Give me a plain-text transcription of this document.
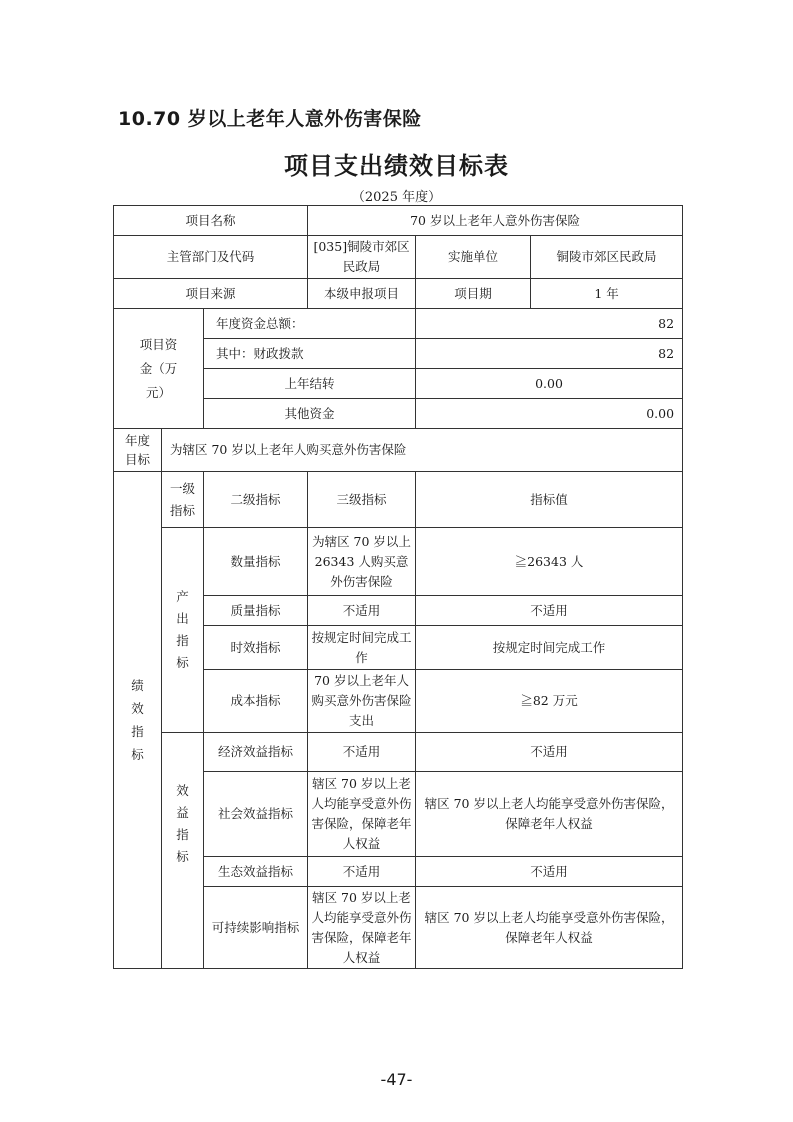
10.70 岁以上老年人意外伤害保险
项目支出绩效目标表
（2025 年度）
项目名称			70 岁以上老年人意外伤害保险		
主管部门及代码			[035]铜陵市郊区民政局	实施单位	铜陵市郊区民政局
项目来源			本级申报项目	项目期	1 年
项目资金（万元）		年度资金总额：		82	
		其中：财政拨款		82	
		上年结转		0.00	
		其他资金		0.00	
年度目标	为辖区 70 岁以上老年人购买意外伤害保险				
绩效指标	一级指标	二级指标	三级指标	指标值	
	产出指标	数量指标	为辖区 70 岁以上 26343 人购买意外伤害保险	≧26343 人	
		质量指标	不适用	不适用	
		时效指标	按规定时间完成工作	按规定时间完成工作	
		成本指标	70 岁以上老年人购买意外伤害保险支出	≧82 万元	
	效益指标	经济效益指标	不适用	不适用	
		社会效益指标	辖区 70 岁以上老人均能享受意外伤害保险，保障老年人权益	辖区 70 岁以上老人均能享受意外伤害保险，保障老年人权益	
		生态效益指标	不适用	不适用	
		可持续影响指标	辖区 70 岁以上老人均能享受意外伤害保险，保障老年人权益	辖区 70 岁以上老人均能享受意外伤害保险，保障老年人权益	
-47-
